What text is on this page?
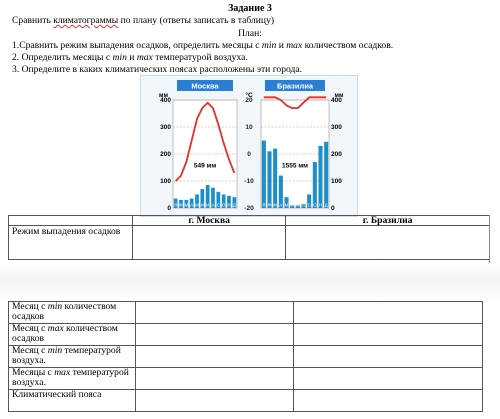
Задание 3
Сравнить климатограммы по плану (ответы записать в таблицу)
План:
1.Сравнить режим выпадения осадков, определить месяцы с min и max количеством осадков.
2. Определить месяцы с min и max температурой воздуха.
3. Определите в каких климатических поясах расположены эти города.
Москва
мм
400
300
200
100
0 Я Ф М А М И И А С О Н Д
549 мм
Бразилиа
мм
400
300
200
100
0
Я Ф М А М И И А С О Н Д
1555 мм
°C
20
10
0
-10
-20
	г. Москва	г. Бразилиа
Режим выпадения осадков		
Месяц с min количеством осадков		
Месяц с max количеством осадков		
Месяц с min температурой воздуха.		
Месяцы с max температурой воздуха.		
Климатический пояса		
